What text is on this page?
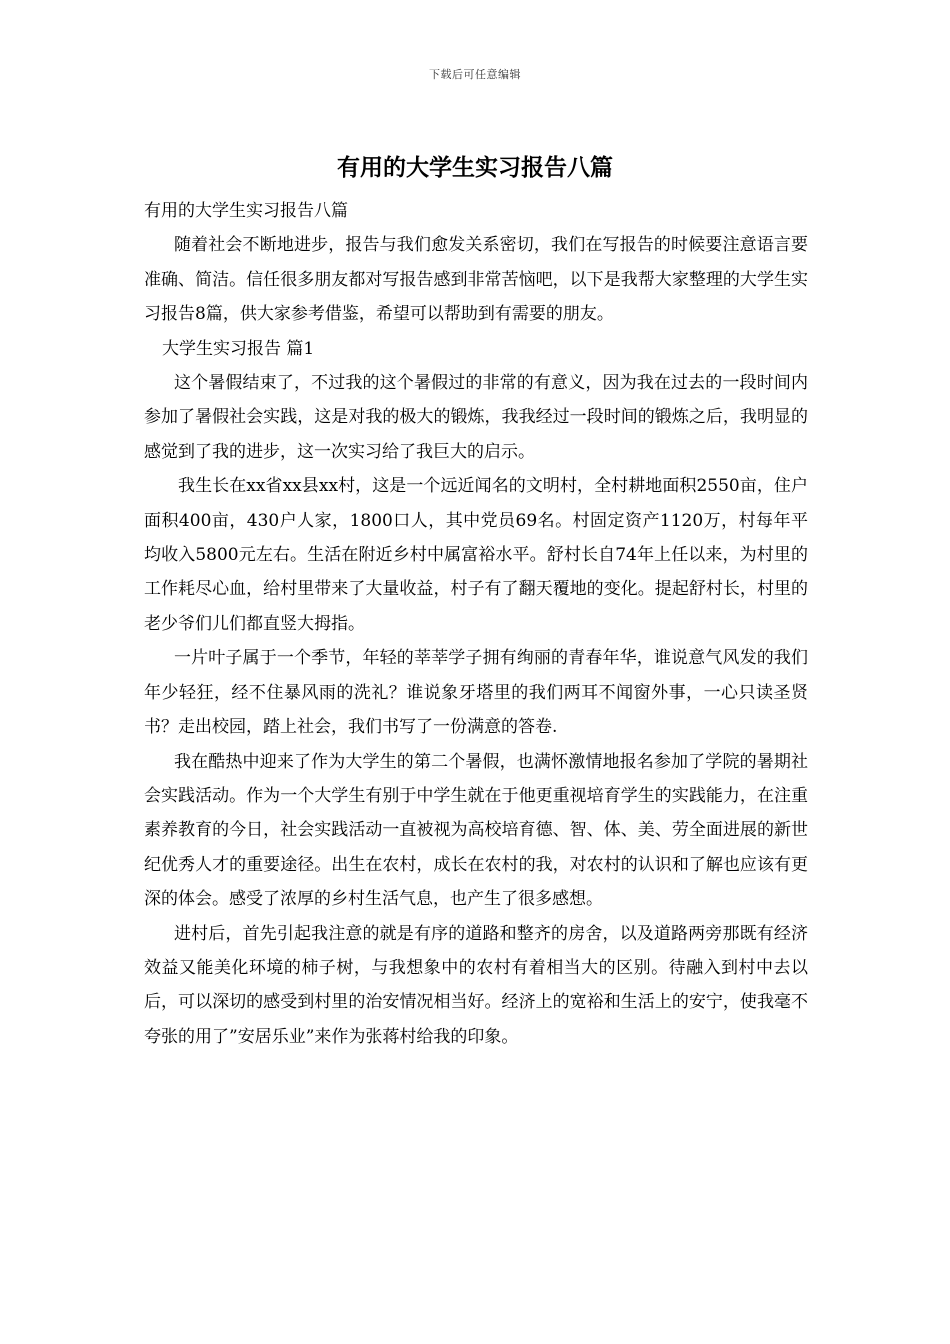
下载后可任意编辑
有用的大学生实习报告八篇

有用的大学生实习报告八篇

随着社会不断地进步，报告与我们愈发关系密切，我们在写报告的时候要注意语言要准确、简洁。信任很多朋友都对写报告感到非常苦恼吧，以下是我帮大家整理的大学生实习报告8篇，供大家参考借鉴，希望可以帮助到有需要的朋友。

大学生实习报告 篇1

这个暑假结束了，不过我的这个暑假过的非常的有意义，因为我在过去的一段时间内参加了暑假社会实践，这是对我的极大的锻炼，我我经过一段时间的锻炼之后，我明显的感觉到了我的进步，这一次实习给了我巨大的启示。

我生长在xx省xx县xx村，这是一个远近闻名的文明村，全村耕地面积2550亩，住户面积400亩，430户人家，1800口人，其中党员69名。村固定资产1120万，村每年平均收入5800元左右。生活在附近乡村中属富裕水平。舒村长自74年上任以来，为村里的工作耗尽心血，给村里带来了大量收益，村子有了翻天覆地的变化。提起舒村长，村里的老少爷们儿们都直竖大拇指。

一片叶子属于一个季节，年轻的莘莘学子拥有绚丽的青春年华，谁说意气风发的我们年少轻狂，经不住暴风雨的洗礼？谁说象牙塔里的我们两耳不闻窗外事，一心只读圣贤书？走出校园，踏上社会，我们书写了一份满意的答卷.

我在酷热中迎来了作为大学生的第二个暑假，也满怀激情地报名参加了学院的暑期社会实践活动。作为一个大学生有别于中学生就在于他更重视培育学生的实践能力，在注重素养教育的今日，社会实践活动一直被视为高校培育德、智、体、美、劳全面进展的新世纪优秀人才的重要途径。出生在农村，成长在农村的我，对农村的认识和了解也应该有更深的体会。感受了浓厚的乡村生活气息，也产生了很多感想。

进村后，首先引起我注意的就是有序的道路和整齐的房舍，以及道路两旁那既有经济效益又能美化环境的柿子树，与我想象中的农村有着相当大的区别。待融入到村中去以后，可以深切的感受到村里的治安情况相当好。经济上的宽裕和生活上的安宁，使我毫不夸张的用了”安居乐业”来作为张蒋村给我的印象。
